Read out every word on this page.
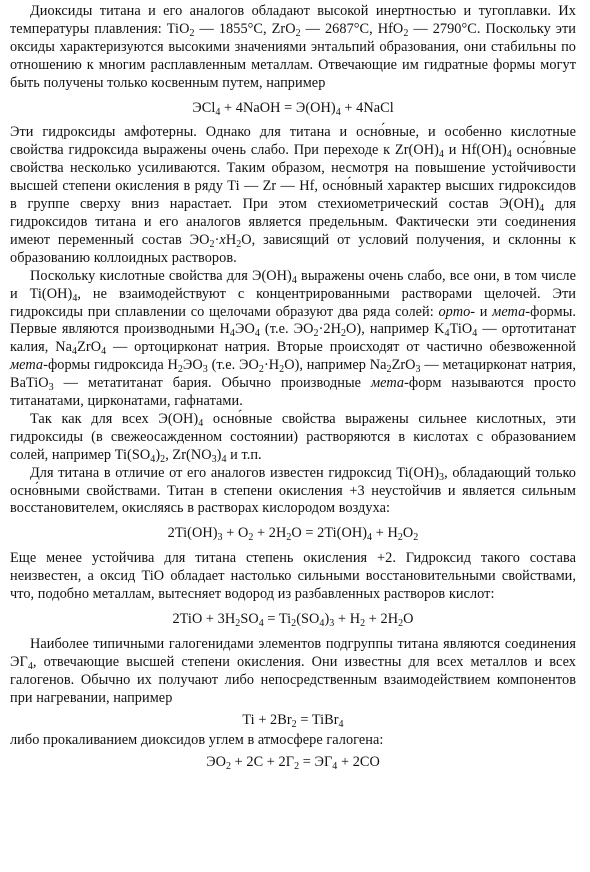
Диоксиды титана и его аналогов обладают высокой инертностью и тугоплавки. Их температуры плавления: TiO$_2$ — 1855°C, ZrO$_2$ — 2687°C, HfO$_2$ — 2790°C. Поскольку эти оксиды характеризуются высокими значениями энтальпий образования, они стабильны по отношению к многим расплавленным металлам. Отвечающие им гидратные формы могут быть получены только косвенным путем, например

ЭCl$_4$ + 4NaOH = $Э(OH)_4$ + 4NaCl

Эти гидроксиды амфотерны. Однако для титана и осно́вные, и особенно кислотные свойства гидроксида выражены очень слабо. При переходе к $Zr(OH)_4$ и $Hf(OH)_4$ осно́вные свойства несколько усиливаются. Таким образом, несмотря на повышение устойчивости высшей степени окисления в ряду Ti — Zr — Hf, осно́вный характер высших гидроксидов в группе сверху вниз нарастает. При этом стехиометрический состав $Э(OH)_4$ для гидроксидов титана и его аналогов является предельным. Фактически эти соединения имеют переменный состав $ЭO_2\cdot xH_2O$, зависящий от условий получения, и склонны к образованию коллоидных растворов.

Поскольку кислотные свойства для $Э(OH)_4$ выражены очень слабо, все они, в том числе и $Ti(OH)_4$, не взаимодействуют с концентрированными растворами щелочей. Эти гидроксиды при сплавлении со щелочами образуют два ряда солей: орто- и мета-формы. Первые являются производными $H_4ЭO_4$ (т.е. $ЭO_2\cdot 2H_2O$), например $K_4TiO_4$ — ортотитанат калия, $Na_4ZrO_4$ — ортоцирконат натрия. Вторые происходят от частично обезвоженной мета-формы гидроксида $H_2ЭO_3$ (т.е. $ЭO_2\cdot H_2O$), например $Na_2ZrO_3$ — метацирконат натрия, BaTiO$_3$ — метатитанат бария. Обычно производные мета-форм называются просто титанатами, цирконатами, гафнатами.

Так как для всех $Э(OH)_4$ осно́вные свойства выражены сильнее кислотных, эти гидроксиды (в свежеосажденном состоянии) растворяются в кислотах с образованием солей, например $Ti(SO_4)_2$, $Zr(NO_3)_4$ и т.п.

Для титана в отличие от его аналогов известен гидроксид $Ti(OH)_3$, обладающий только осно́вными свойствами. Титан в степени окисления +3 неустойчив и является сильным восстановителем, окисляясь в растворах кислородом воздуха:

$2Ti(OH)_3 + O_2 + 2H_2O = 2Ti(OH)_4 + H_2O_2$

Еще менее устойчива для титана степень окисления +2. Гидроксид такого состава неизвестен, а оксид TiO обладает настолько сильными восстановительными свойствами, что, подобно металлам, вытесняет водород из разбавленных растворов кислот:

$2TiO + 3H_2SO_4 = Ti_2(SO_4)_3 + H_2 + 2H_2O$

Наиболее типичными галогенидами элементов подгруппы титана являются соединения $ЭГ_4$, отвечающие высшей степени окисления. Они известны для всех металлов и всех галогенов. Обычно их получают либо непосредственным взаимодействием компонентов при нагревании, например

$Ti + 2Br_2$ = TiBr$_4$

либо прокаливанием диоксидов углем в атмосфере галогена:

$ЭO_2 + 2C + 2Г_2 = ЭГ_4 + 2CO$
